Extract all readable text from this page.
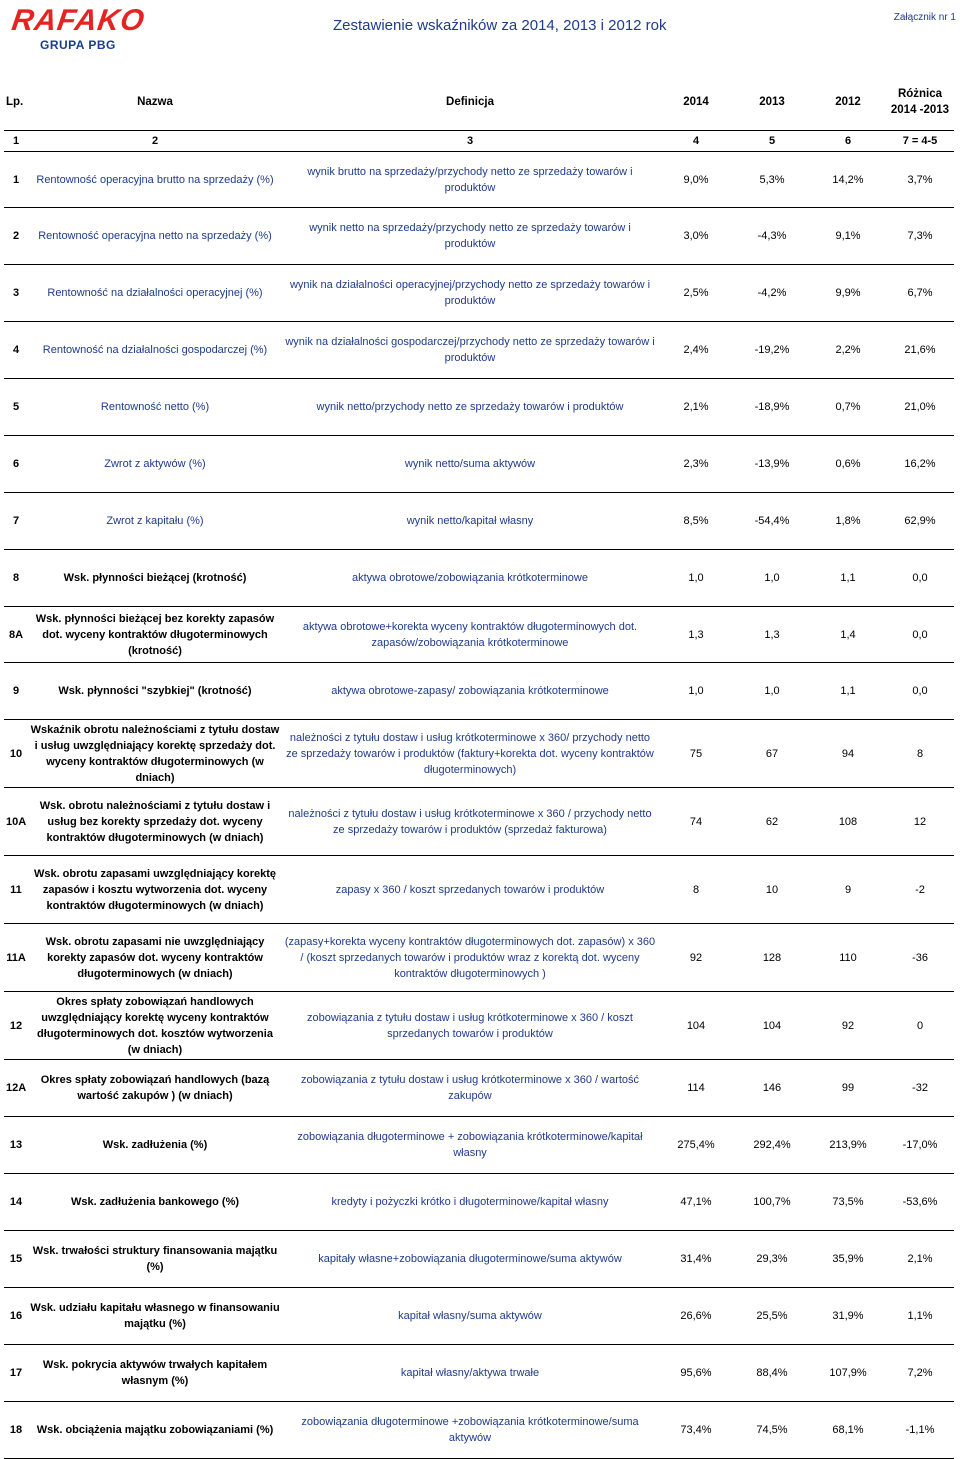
RAFAKO
GRUPA PBG
Zestawienie wskaźników za 2014, 2013 i 2012 rok	Załącznik nr 1
Lp.	Nazwa	Definicja	2014	2013	2012	Różnica 2014 -2013
1	2	3	4	5	6	7 = 4-5
1	Rentowność operacyjna brutto na sprzedaży (%)	wynik brutto na sprzedaży/przychody netto ze sprzedaży towarów i produktów	9,0%	5,3%	14,2%	3,7%
2	Rentowność operacyjna netto na sprzedaży (%)	wynik netto na sprzedaży/przychody netto ze sprzedaży towarów i produktów	3,0%	-4,3%	9,1%	7,3%
3	Rentowność na działalności operacyjnej (%)	wynik na działalności operacyjnej/przychody netto ze sprzedaży towarów i produktów	2,5%	-4,2%	9,9%	6,7%
4	Rentowność na działalności gospodarczej (%)	wynik na działalności gospodarczej/przychody netto ze sprzedaży towarów i produktów	2,4%	-19,2%	2,2%	21,6%
5	Rentowność netto (%)	wynik netto/przychody netto ze sprzedaży towarów i produktów	2,1%	-18,9%	0,7%	21,0%
6	Zwrot z aktywów (%)	wynik netto/suma aktywów	2,3%	-13,9%	0,6%	16,2%
7	Zwrot z kapitału (%)	wynik netto/kapitał własny	8,5%	-54,4%	1,8%	62,9%
8	Wsk. płynności bieżącej (krotność)	aktywa obrotowe/zobowiązania krótkoterminowe	1,0	1,0	1,1	0,0
8A	Wsk. płynności bieżącej bez korekty zapasów dot. wyceny kontraktów długoterminowych (krotność)	aktywa obrotowe+korekta wyceny kontraktów długoterminowych dot. zapasów/zobowiązania krótkoterminowe	1,3	1,3	1,4	0,0
9	Wsk. płynności "szybkiej" (krotność)	aktywa obrotowe-zapasy/ zobowiązania krótkoterminowe	1,0	1,0	1,1	0,0
10	Wskaźnik obrotu należnościami z tytułu dostaw i usług uwzględniający korektę sprzedaży dot. wyceny kontraktów długoterminowych (w dniach)	należności z tytułu dostaw i usług krótkoterminowe x 360/ przychody netto ze sprzedaży towarów i produktów (faktury+korekta dot. wyceny kontraktów długoterminowych)	75	67	94	8
10A	Wsk. obrotu należnościami z tytułu dostaw i usług bez korekty sprzedaży dot. wyceny kontraktów długoterminowych (w dniach)	należności z tytułu dostaw i usług krótkoterminowe x 360 / przychody netto ze sprzedaży towarów i produktów (sprzedaż fakturowa)	74	62	108	12
11	Wsk. obrotu zapasami uwzględniający korektę zapasów i kosztu wytworzenia dot. wyceny kontraktów długoterminowych (w dniach)	zapasy x 360 / koszt sprzedanych towarów i produktów	8	10	9	-2
11A	Wsk. obrotu zapasami nie uwzględniający korekty zapasów dot. wyceny kontraktów długoterminowych (w dniach)	(zapasy+korekta wyceny kontraktów długoterminowych dot. zapasów) x 360 / (koszt sprzedanych towarów i produktów wraz z korektą dot. wyceny kontraktów długoterminowych )	92	128	110	-36
12	Okres spłaty zobowiązań handlowych uwzględniający korektę wyceny kontraktów długoterminowych dot. kosztów wytworzenia (w dniach)	zobowiązania z tytułu dostaw i usług krótkoterminowe x 360 / koszt sprzedanych towarów i produktów	104	104	92	0
12A	Okres spłaty zobowiązań handlowych (bazą wartość zakupów ) (w dniach)	zobowiązania z tytułu dostaw i usług krótkoterminowe x 360 / wartość zakupów	114	146	99	-32
13	Wsk. zadłużenia (%)	zobowiązania długoterminowe + zobowiązania krótkoterminowe/kapitał własny	275,4%	292,4%	213,9%	-17,0%
14	Wsk. zadłużenia bankowego (%)	kredyty i pożyczki krótko i długoterminowe/kapitał własny	47,1%	100,7%	73,5%	-53,6%
15	Wsk. trwałości struktury finansowania majątku (%)	kapitały własne+zobowiązania długoterminowe/suma aktywów	31,4%	29,3%	35,9%	2,1%
16	Wsk. udziału kapitału własnego w finansowaniu majątku (%)	kapitał własny/suma aktywów	26,6%	25,5%	31,9%	1,1%
17	Wsk. pokrycia aktywów trwałych kapitałem własnym (%)	kapitał własny/aktywa trwałe	95,6%	88,4%	107,9%	7,2%
18	Wsk. obciążenia majątku zobowiązaniami (%)	zobowiązania długoterminowe +zobowiązania krótkoterminowe/suma aktywów	73,4%	74,5%	68,1%	-1,1%
